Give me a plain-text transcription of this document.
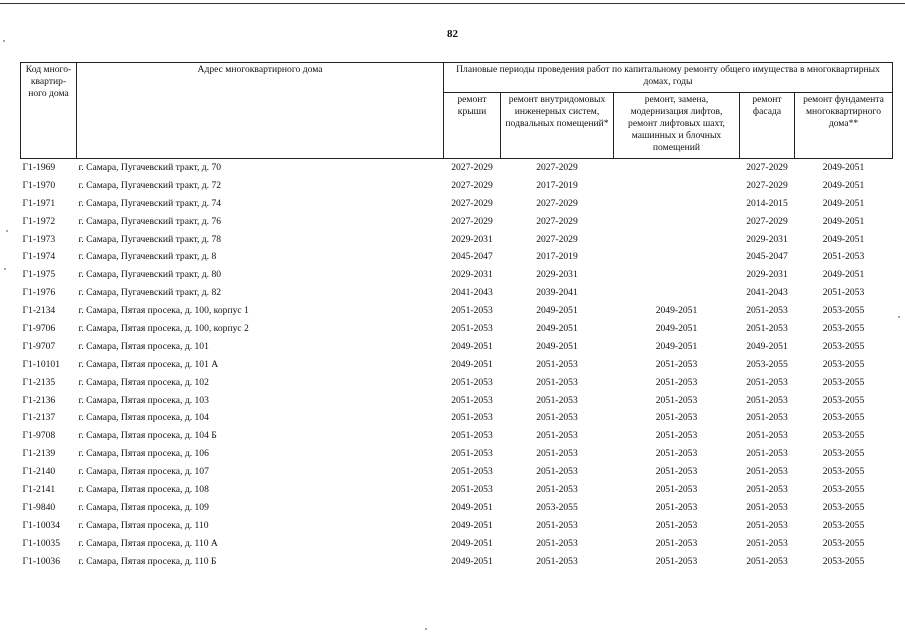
82
Код много-квартир-ного дома	Адрес многоквартирного дома	Плановые периоды проведения работ по капитальному ремонту общего имущества в многоквартирных домах, годы				
		ремонт крыши	ремонт внутридомовых инженерных систем, подвальных помещений*	ремонт, замена, модернизация лифтов, ремонт лифтовых шахт, машинных и блочных помещений	ремонт фасада	ремонт фундамента многоквартирного дома**
Г1-1969	г. Самара, Пугачевский тракт, д. 70	2027-2029	2027-2029		2027-2029	2049-2051
Г1-1970	г. Самара, Пугачевский тракт, д. 72	2027-2029	2017-2019		2027-2029	2049-2051
Г1-1971	г. Самара, Пугачевский тракт, д. 74	2027-2029	2027-2029		2014-2015	2049-2051
Г1-1972	г. Самара, Пугачевский тракт, д. 76	2027-2029	2027-2029		2027-2029	2049-2051
Г1-1973	г. Самара, Пугачевский тракт, д. 78	2029-2031	2027-2029		2029-2031	2049-2051
Г1-1974	г. Самара, Пугачевский тракт, д. 8	2045-2047	2017-2019		2045-2047	2051-2053
Г1-1975	г. Самара, Пугачевский тракт, д. 80	2029-2031	2029-2031		2029-2031	2049-2051
Г1-1976	г. Самара, Пугачевский тракт, д. 82	2041-2043	2039-2041		2041-2043	2051-2053
Г1-2134	г. Самара, Пятая просека, д. 100, корпус 1	2051-2053	2049-2051	2049-2051	2051-2053	2053-2055
Г1-9706	г. Самара, Пятая просека, д. 100, корпус 2	2051-2053	2049-2051	2049-2051	2051-2053	2053-2055
Г1-9707	г. Самара, Пятая просека, д. 101	2049-2051	2049-2051	2049-2051	2049-2051	2053-2055
Г1-10101	г. Самара, Пятая просека, д. 101 А	2049-2051	2051-2053	2051-2053	2053-2055	2053-2055
Г1-2135	г. Самара, Пятая просека, д. 102	2051-2053	2051-2053	2051-2053	2051-2053	2053-2055
Г1-2136	г. Самара, Пятая просека, д. 103	2051-2053	2051-2053	2051-2053	2051-2053	2053-2055
Г1-2137	г. Самара, Пятая просека, д. 104	2051-2053	2051-2053	2051-2053	2051-2053	2053-2055
Г1-9708	г. Самара, Пятая просека, д. 104 Б	2051-2053	2051-2053	2051-2053	2051-2053	2053-2055
Г1-2139	г. Самара, Пятая просека, д. 106	2051-2053	2051-2053	2051-2053	2051-2053	2053-2055
Г1-2140	г. Самара, Пятая просека, д. 107	2051-2053	2051-2053	2051-2053	2051-2053	2053-2055
Г1-2141	г. Самара, Пятая просека, д. 108	2051-2053	2051-2053	2051-2053	2051-2053	2053-2055
Г1-9840	г. Самара, Пятая просека, д. 109	2049-2051	2053-2055	2051-2053	2051-2053	2053-2055
Г1-10034	г. Самара, Пятая просека, д. 110	2049-2051	2051-2053	2051-2053	2051-2053	2053-2055
Г1-10035	г. Самара, Пятая просека, д. 110 А	2049-2051	2051-2053	2051-2053	2051-2053	2053-2055
Г1-10036	г. Самара, Пятая просека, д. 110 Б	2049-2051	2051-2053	2051-2053	2051-2053	2053-2055
